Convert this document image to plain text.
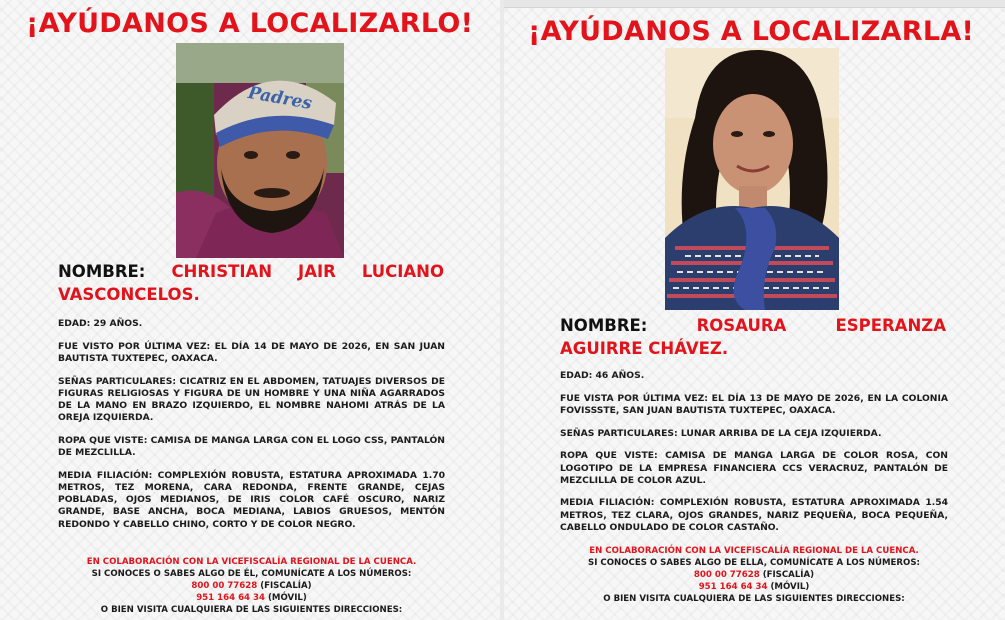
¡AYÚDANOS A LOCALIZARLO!
Padres
NOMBRE: CHRISTIAN JAIR LUCIANO VASCONCELOS.

EDAD: 29 AÑOS.

FUE VISTO POR ÚLTIMA VEZ: EL DÍA 14 DE MAYO DE 2026, EN SAN JUAN BAUTISTA TUXTEPEC, OAXACA.

SEÑAS PARTICULARES: CICATRIZ EN EL ABDOMEN, TATUAJES DIVERSOS DE FIGURAS RELIGIOSAS Y FIGURA DE UN HOMBRE Y UNA NIÑA AGARRADOS DE LA MANO EN BRAZO IZQUIERDO, EL NOMBRE NAHOMI ATRÁS DE LA OREJA IZQUIERDA.

ROPA QUE VISTE: CAMISA DE MANGA LARGA CON EL LOGO CSS, PANTALÓN DE MEZCLILLA.

MEDIA FILIACIÓN: COMPLEXIÓN ROBUSTA, ESTATURA APROXIMADA 1.70 METROS, TEZ MORENA, CARA REDONDA, FRENTE GRANDE, CEJAS POBLADAS, OJOS MEDIANOS, DE IRIS COLOR CAFÉ OSCURO, NARIZ GRANDE, BASE ANCHA, BOCA MEDIANA, LABIOS GRUESOS, MENTÓN REDONDO Y CABELLO CHINO, CORTO Y DE COLOR NEGRO.

EN COLABORACIÓN CON LA VICEFISCALÍA REGIONAL DE LA CUENCA.
SI CONOCES O SABES ALGO DE ÉL, COMUNÍCATE A LOS NÚMEROS:
800 00 77628 (FISCALÍA)
951 164 64 34 (MÓVIL)
O BIEN VISITA CUALQUIERA DE LAS SIGUIENTES DIRECCIONES:
¡AYÚDANOS A LOCALIZARLA!
NOMBRE:	ROSAURA ESPERANZA AGUIRRE CHÁVEZ.

EDAD: 46 AÑOS.

FUE VISTA POR ÚLTIMA VEZ: EL DÍA 13 DE MAYO DE 2026, EN LA COLONIA FOVISSSTE, SAN JUAN BAUTISTA TUXTEPEC, OAXACA.

SEÑAS PARTICULARES: LUNAR ARRIBA DE LA CEJA IZQUIERDA.

ROPA QUE VISTE: CAMISA DE MANGA LARGA DE COLOR ROSA, CON LOGOTIPO DE LA EMPRESA FINANCIERA CCS VERACRUZ, PANTALÓN DE MEZCLILLA DE COLOR AZUL.

MEDIA FILIACIÓN: COMPLEXIÓN ROBUSTA, ESTATURA APROXIMADA 1.54 METROS, TEZ CLARA, OJOS GRANDES, NARIZ PEQUEÑA, BOCA PEQUEÑA, CABELLO ONDULADO DE COLOR CASTAÑO.

EN COLABORACIÓN CON LA VICEFISCALÍA REGIONAL DE LA CUENCA.
SI CONOCES O SABES ALGO DE ELLA, COMUNÍCATE A LOS NÚMEROS:
800 00 77628 (FISCALÍA)
951 164 64 34 (MÓVIL)
O BIEN VISITA CUALQUIERA DE LAS SIGUIENTES DIRECCIONES:
